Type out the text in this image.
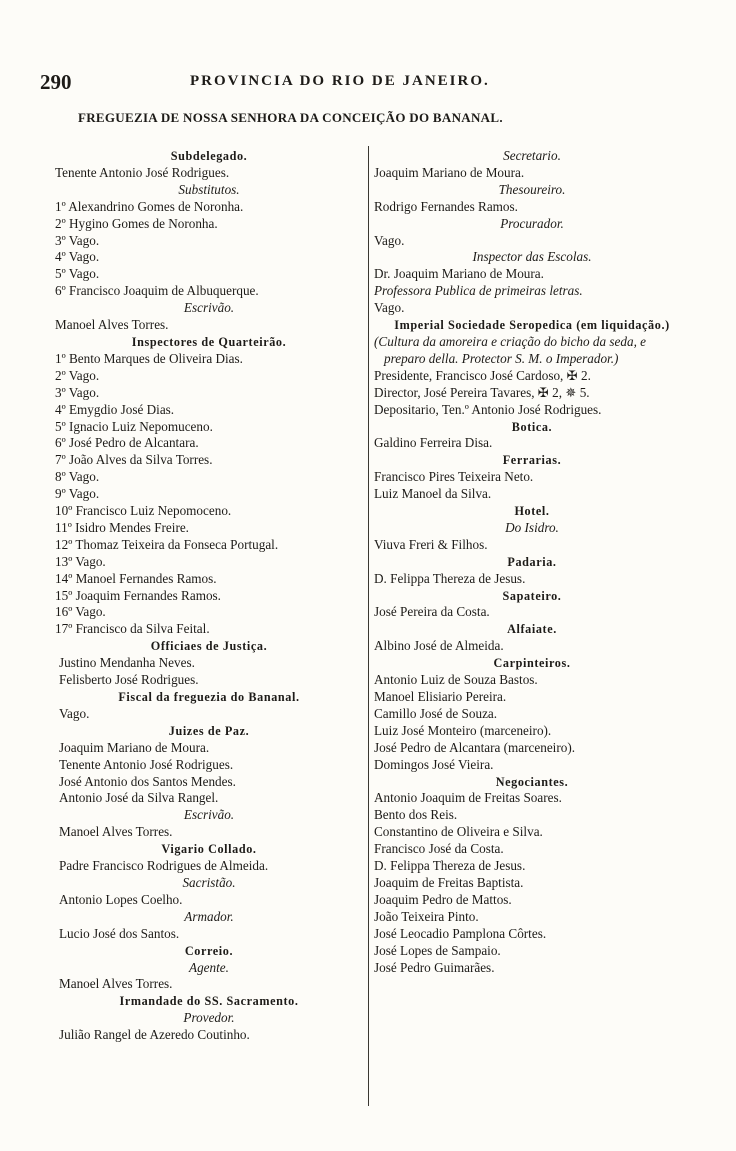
290	PROVINCIA DO RIO DE JANEIRO.
FREGUEZIA DE NOSSA SENHORA DA CONCEIÇÃO DO BANANAL.
Subdelegado.
Tenente Antonio José Rodrigues.
Substitutos.
1º Alexandrino Gomes de Noronha.
2º Hygino Gomes de Noronha.
3º Vago.
4º Vago.
5º Vago.
6º Francisco Joaquim de Albuquerque.
Escrivão.
Manoel Alves Torres.
Inspectores de Quarteirão.
1º Bento Marques de Oliveira Dias.
2º Vago.
3º Vago.
4º Emygdio José Dias.
5º Ignacio Luiz Nepomuceno.
6º José Pedro de Alcantara.
7º João Alves da Silva Torres.
8º Vago.
9º Vago.
10º Francisco Luiz Nepomoceno.
11º Isidro Mendes Freire.
12º Thomaz Teixeira da Fonseca Portugal.
13º Vago.
14º Manoel Fernandes Ramos.
15º Joaquim Fernandes Ramos.
16º Vago.
17º Francisco da Silva Feital.
Officiaes de Justiça.
Justino Mendanha Neves.
Felisberto José Rodrigues.
Fiscal da freguezia do Bananal.
Vago.
Juizes de Paz.
Joaquim Mariano de Moura.
Tenente Antonio José Rodrigues.
José Antonio dos Santos Mendes.
Antonio José da Silva Rangel.
Escrivão.
Manoel Alves Torres.
Vigario Collado.
Padre Francisco Rodrigues de Almeida.
Sacristão.
Antonio Lopes Coelho.
Armador.
Lucio José dos Santos.
Correio.
Agente.
Manoel Alves Torres.
Irmandade do SS. Sacramento.
Provedor.
Julião Rangel de Azeredo Coutinho.
Secretario.
Joaquim Mariano de Moura.
Thesoureiro.
Rodrigo Fernandes Ramos.
Procurador.
Vago.
Inspector das Escolas.
Dr. Joaquim Mariano de Moura.
Professora Publica de primeiras letras.
Vago.
Imperial Sociedade Seropedica (em liquidação.)
(Cultura da amoreira e criação do bicho da seda, e preparo della. Protector S. M. o Imperador.)
Presidente, Francisco José Cardoso, ✠ 2.
Director, José Pereira Tavares, ✠ 2, ✵ 5.
Depositario, Ten.º Antonio José Rodrigues.
Botica.
Galdino Ferreira Disa.
Ferrarias.
Francisco Pires Teixeira Neto.
Luiz Manoel da Silva.
Hotel.
Do Isidro.
Viuva Freri & Filhos.
Padaria.
D. Felippa Thereza de Jesus.
Sapateiro.
José Pereira da Costa.
Alfaiate.
Albino José de Almeida.
Carpinteiros.
Antonio Luiz de Souza Bastos.
Manoel Elisiario Pereira.
Camillo José de Souza.
Luiz José Monteiro (marceneiro).
José Pedro de Alcantara (marceneiro).
Domingos José Vieira.
Negociantes.
Antonio Joaquim de Freitas Soares.
Bento dos Reis.
Constantino de Oliveira e Silva.
Francisco José da Costa.
D. Felippa Thereza de Jesus.
Joaquim de Freitas Baptista.
Joaquim Pedro de Mattos.
João Teixeira Pinto.
José Leocadio Pamplona Côrtes.
José Lopes de Sampaio.
José Pedro Guimarães.
